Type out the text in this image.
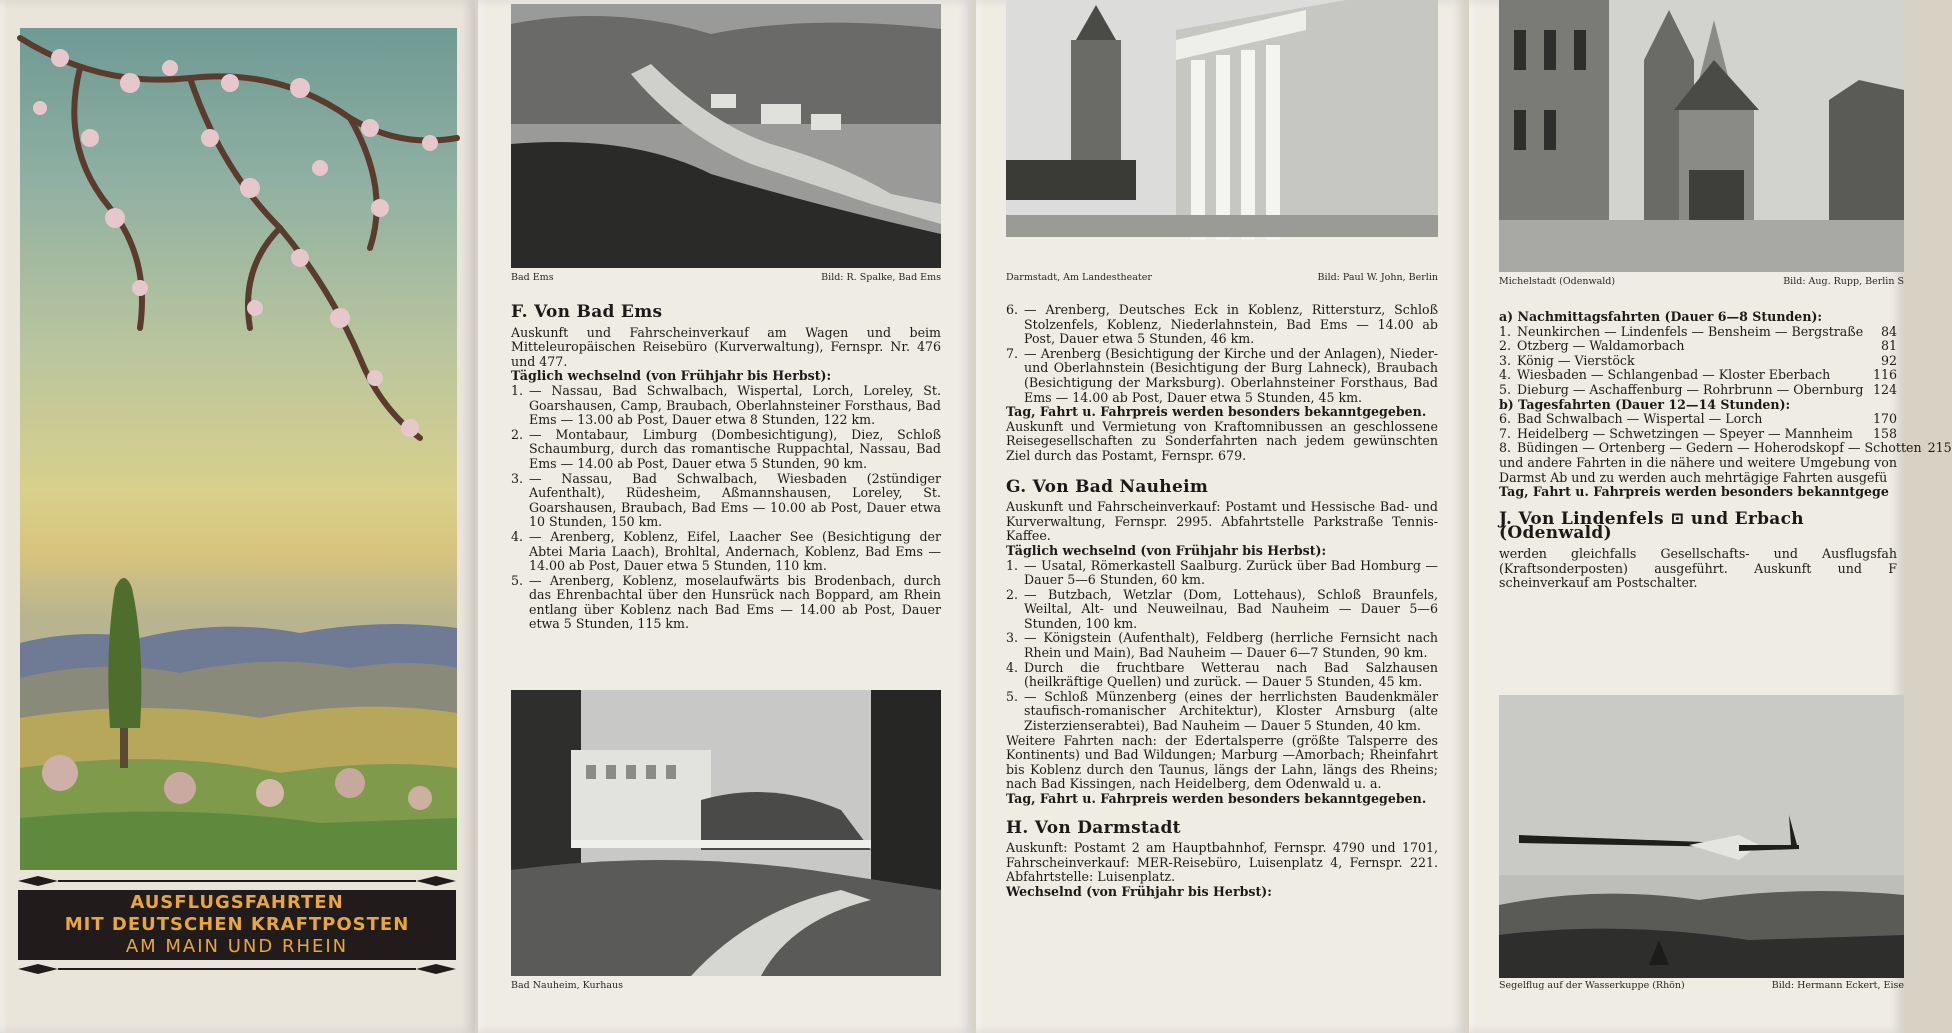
AUSFLUGSFAHRTEN
MIT DEUTSCHEN KRAFTPOSTEN
AM MAIN UND RHEIN
Bad Ems	Bild: R. Spalke, Bad Ems
F. Von Bad Ems

Auskunft und Fahrscheinverkauf am Wagen und beim Mitteleuropäischen Reisebüro (Kurverwaltung), Fernspr. Nr. 476 und 477.

Täglich wechselnd (von Frühjahr bis Herbst):

1. — Nassau, Bad Schwalbach, Wispertal, Lorch, Loreley, St. Goarshausen, Camp, Braubach, Oberlahnsteiner Forsthaus, Bad Ems — 13.00 ab Post, Dauer etwa 8 Stunden, 122 km.
2. — Montabaur, Limburg (Dombesichtigung), Diez, Schloß Schaumburg, durch das romantische Ruppachtal, Nassau, Bad Ems — 14.00 ab Post, Dauer etwa 5 Stunden, 90 km.
3. — Nassau, Bad Schwalbach, Wiesbaden (2stündiger Aufenthalt), Rüdesheim, Aßmannshausen, Loreley, St. Goarshausen, Braubach, Bad Ems — 10.00 ab Post, Dauer etwa 10 Stunden, 150 km.
4. — Arenberg, Koblenz, Eifel, Laacher See (Besichtigung der Abtei Maria Laach), Brohltal, Andernach, Koblenz, Bad Ems — 14.00 ab Post, Dauer etwa 5 Stunden, 110 km.
5. — Arenberg, Koblenz, moselaufwärts bis Brodenbach, durch das Ehrenbachtal über den Hunsrück nach Boppard, am Rhein entlang über Koblenz nach Bad Ems — 14.00 ab Post, Dauer etwa 5 Stunden, 115 km.
Bad Nauheim, Kurhaus
Darmstadt, Am Landestheater	Bild: Paul W. John, Berlin
6. — Arenberg, Deutsches Eck in Koblenz, Rittersturz, Schloß Stolzenfels, Koblenz, Niederlahnstein, Bad Ems — 14.00 ab Post, Dauer etwa 5 Stunden, 46 km.
7. — Arenberg (Besichtigung der Kirche und der Anlagen), Nieder- und Oberlahnstein (Besichtigung der Burg Lahneck), Braubach (Besichtigung der Marksburg). Oberlahnsteiner Forsthaus, Bad Ems — 14.00 ab Post, Dauer etwa 5 Stunden, 45 km.

Tag, Fahrt u. Fahrpreis werden besonders bekanntgegeben.

Auskunft und Vermietung von Kraftomnibussen an geschlossene Reisegesellschaften zu Sonderfahrten nach jedem gewünschten Ziel durch das Postamt, Fernspr. 679.

G. Von Bad Nauheim

Auskunft und Fahrscheinverkauf: Postamt und Hessische Bad- und Kurverwaltung, Fernspr. 2995. Abfahrtstelle Parkstraße Tennis-Kaffee.

Täglich wechselnd (von Frühjahr bis Herbst):

1. — Usatal, Römerkastell Saalburg. Zurück über Bad Homburg — Dauer 5—6 Stunden, 60 km.
2. — Butzbach, Wetzlar (Dom, Lottehaus), Schloß Braunfels, Weiltal, Alt- und Neuweilnau, Bad Nauheim — Dauer 5—6 Stunden, 100 km.
3. — Königstein (Aufenthalt), Feldberg (herrliche Fernsicht nach Rhein und Main), Bad Nauheim — Dauer 6—7 Stunden, 90 km.
4. Durch die fruchtbare Wetterau nach Bad Salzhausen (heilkräftige Quellen) und zurück. — Dauer 5 Stunden, 45 km.
5. — Schloß Münzenberg (eines der herrlichsten Baudenkmäler staufisch-romanischer Architektur), Kloster Arnsburg (alte Zisterzienserabtei), Bad Nauheim — Dauer 5 Stunden, 40 km.

Weitere Fahrten nach: der Edertalsperre (größte Talsperre des Kontinents) und Bad Wildungen; Marburg —Amorbach; Rheinfahrt bis Koblenz durch den Taunus, längs der Lahn, längs des Rheins; nach Bad Kissingen, nach Heidelberg, dem Odenwald u. a.

Tag, Fahrt u. Fahrpreis werden besonders bekanntgegeben.

H. Von Darmstadt

Auskunft: Postamt 2 am Hauptbahnhof, Fernspr. 4790 und 1701, Fahrscheinverkauf: MER-Reisebüro, Luisenplatz 4, Fernspr. 221. Abfahrtstelle: Luisenplatz.

Wechselnd (von Frühjahr bis Herbst):

Michelstadt (Odenwald)	Bild: Aug. Rupp, Berlin S

a) Nachmittagsfahrten (Dauer 6—8 Stunden):

1. Neunkirchen — Lindenfels — Bensheim — Bergstraße 84
2. Otzberg — Waldamorbach	81
3. König — Vierstöck	92
4. Wiesbaden — Schlangenbad — Kloster Eberbach	116
5. Dieburg — Aschaffenburg — Rohrbrunn — Obernburg 124

b) Tagesfahrten (Dauer 12—14 Stunden):

6. Bad Schwalbach — Wispertal — Lorch	170
7. Heidelberg — Schwetzingen — Speyer — Mannheim 158
8. Büdingen — Ortenberg — Gedern — Hoherodskopf — Schotten 215

und andere Fahrten in die nähere und weitere Umgebung von Darmst Ab und zu werden auch mehrtägige Fahrten ausgefü

Tag, Fahrt u. Fahrpreis werden besonders bekanntgege

J. Von Lindenfels ⊡ und Erbach (Odenwald)

werden gleichfalls Gesellschafts- und Ausflugsfah (Kraftsonderposten) ausgeführt. Auskunft und F scheinverkauf am Postschalter.

Segelflug auf der Wasserkuppe (Rhön)	Bild: Hermann Eckert, Eise
